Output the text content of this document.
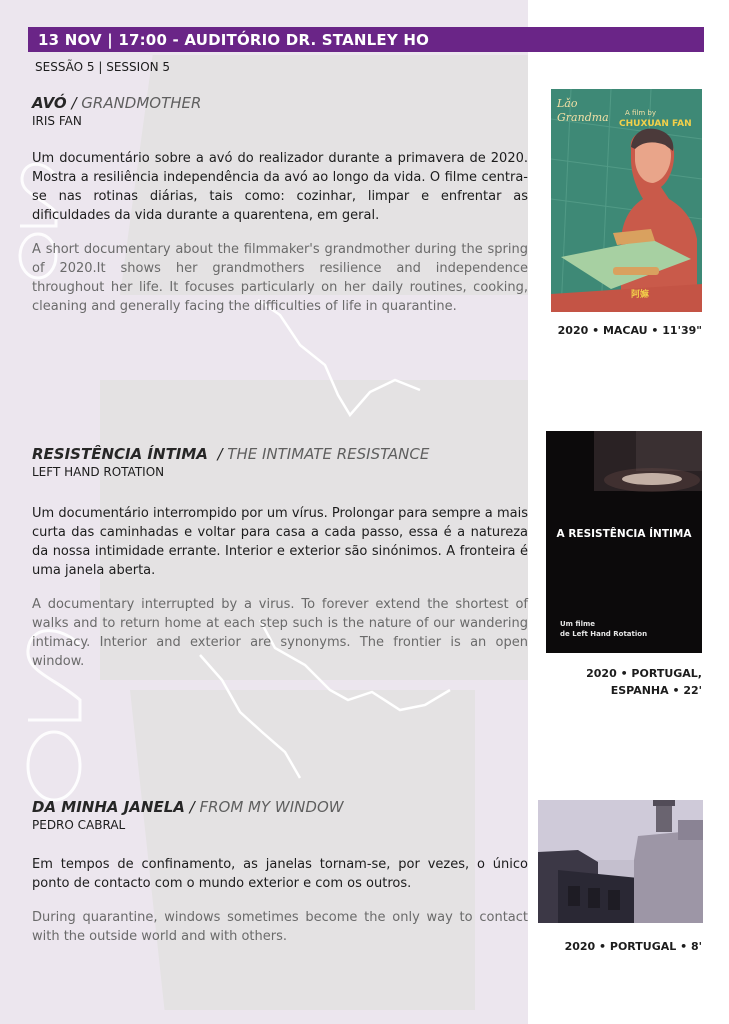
13 NOV | 17:00 - AUDITÓRIO DR. STANLEY HO
SESSÃO 5 | SESSION 5
AVÓ / GRANDMOTHER
IRIS FAN
Um documentário sobre a avó do realizador durante a primavera de 2020. Mostra a resiliência independência da avó ao longo da vida. O filme centra-se nas rotinas diárias, tais como: cozinhar, limpar e enfrentar as dificuldades da vida durante a quarentena, em geral.
A short documentary about the filmmaker's grandmother during the spring of 2020.It shows her grandmothers resilience and independence throughout her life. It focuses particularly on her daily routines, cooking, cleaning and generally facing the difficulties of life in quarantine.
Lǎo Grandma	A film by
CHUXUAN FAN
阿嫲
2020 • MACAU • 11'39"
RESISTÊNCIA ÍNTIMA  / THE INTIMATE RESISTANCE
LEFT HAND ROTATION
Um documentário interrompido por um vírus. Prolongar para sempre a mais curta das caminhadas e voltar para casa a cada passo, essa é a natureza da nossa intimidade errante. Interior e exterior são sinónimos. A fronteira é uma janela aberta.
A documentary interrupted by a virus. To forever extend the shortest of walks and to return home at each step such is the nature of our wandering intimacy. Interior and exterior are synonyms. The frontier is an open window.
A RESISTÊNCIA ÍNTIMA
Um filme
de Left Hand Rotation
2020 • PORTUGAL,
ESPANHA • 22'
DA MINHA JANELA / FROM MY WINDOW
PEDRO CABRAL
Em tempos de confinamento, as janelas tornam-se, por vezes, o único ponto de contacto com o mundo exterior e com os outros.
During quarantine, windows sometimes become the only way to contact with the outside world and with others.
2020 • PORTUGAL • 8'
